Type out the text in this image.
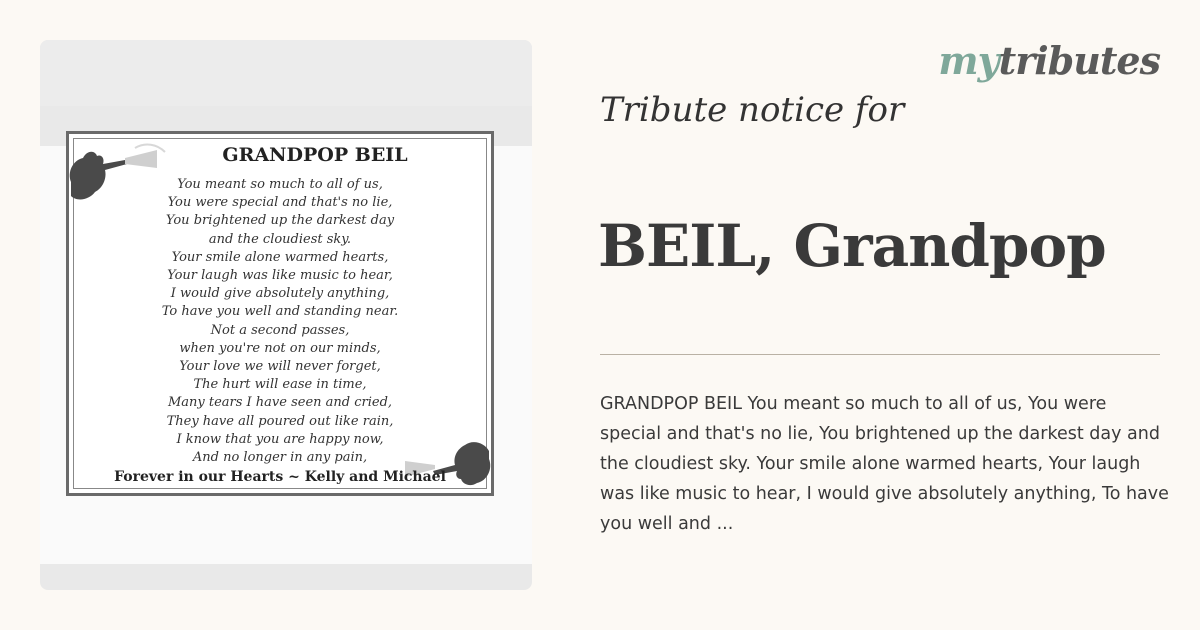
mytributes
GRANDPOP BEIL
You meant so much to all of us,
You were special and that's no lie,
You brightened up the darkest day
and the cloudiest sky.
Your smile alone warmed hearts,
Your laugh was like music to hear,
I would give absolutely anything,
To have you well and standing near.
Not a second passes,
when you're not on our minds,
Your love we will never forget,
The hurt will ease in time,
Many tears I have seen and cried,
They have all poured out like rain,
I know that you are happy now,
And no longer in any pain,
Forever in our Hearts ~ Kelly and Michael
Tribute notice for
BEIL, Grandpop
GRANDPOP BEIL You meant so much to all of us, You were special and that's no lie, You brightened up the darkest day and the cloudiest sky. Your smile alone warmed hearts, Your laugh was like music to hear, I would give absolutely anything, To have you well and ...
